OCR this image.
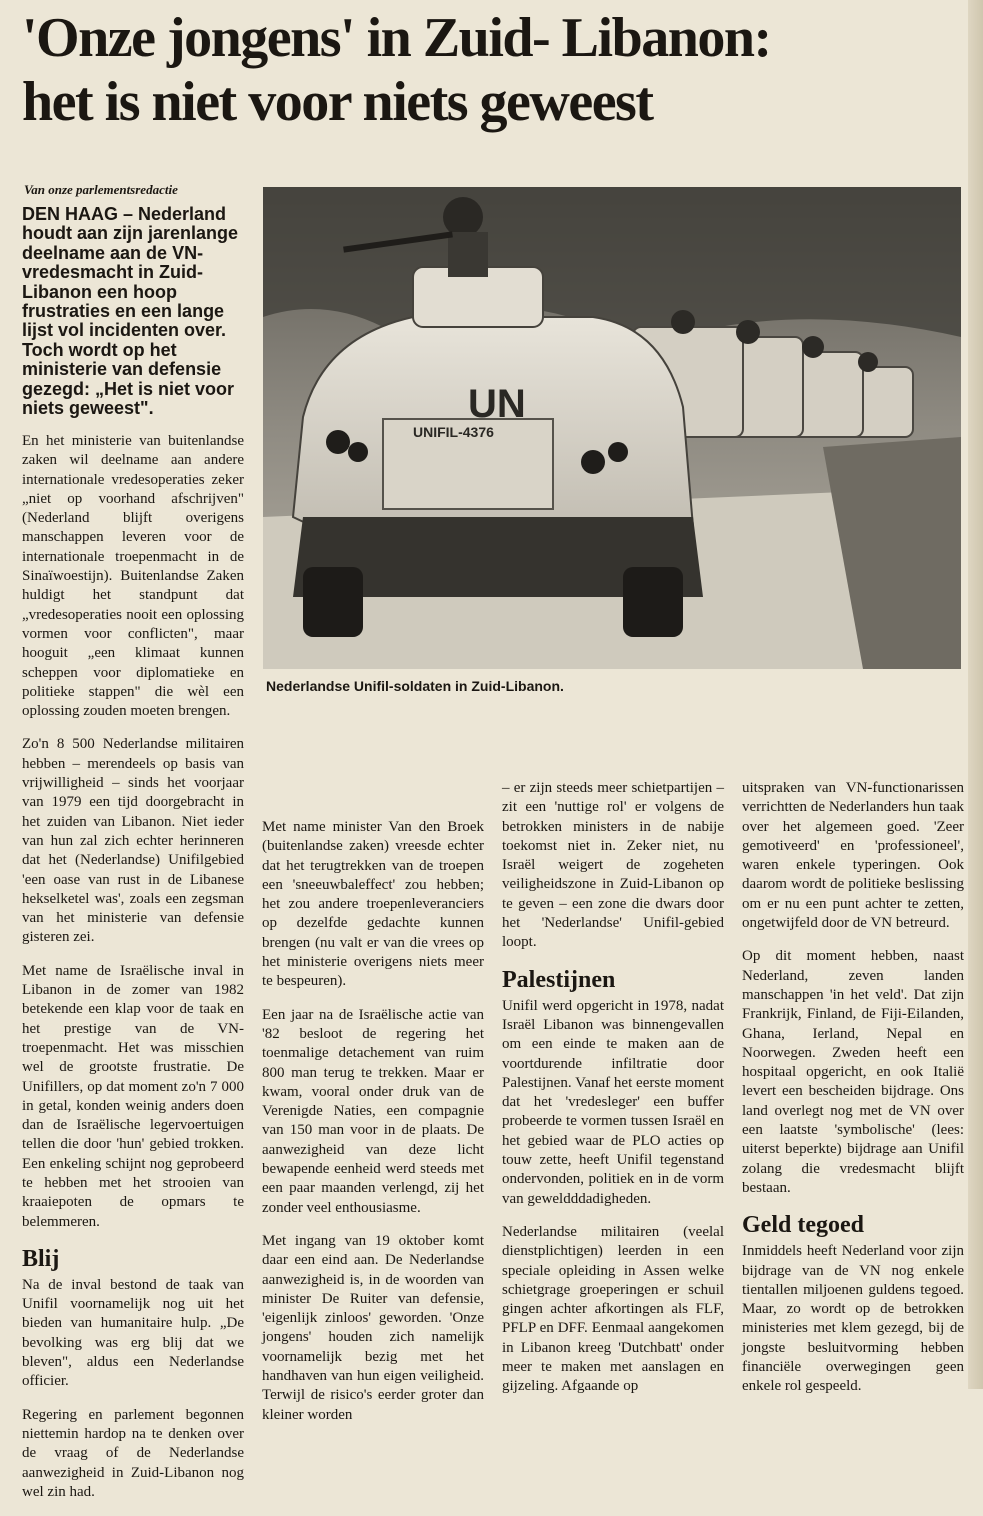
'Onze jongens' in Zuid- Libanon:
het is niet voor niets geweest
Van onze parlementsredactie

DEN HAAG – Nederland houdt aan zijn jarenlange deelname aan de VN-vredesmacht in Zuid-Libanon een hoop frustraties en een lange lijst vol incidenten over. Toch wordt op het ministerie van defensie gezegd: „Het is niet voor niets geweest".	UN
UNIFIL-4376
Nederlandse Unifil-soldaten in Zuid-Libanon.

En het ministerie van buitenlandse zaken wil deelname aan andere internationale vredesoperaties zeker „niet op voorhand afschrijven" (Nederland blijft overigens manschappen leveren voor de internationale troepenmacht in de Sinaïwoestijn). Buitenlandse Zaken huldigt het standpunt dat „vredesoperaties nooit een oplossing vormen voor conflicten", maar hooguit „een klimaat kunnen scheppen voor diplomatieke en politieke stappen" die wèl een oplossing zouden moeten brengen.

Zo'n 8 500 Nederlandse militairen hebben – merendeels op basis van vrijwilligheid – sinds het voorjaar van 1979 een tijd doorgebracht in het zuiden van Libanon. Niet ieder van hun zal zich echter herinneren dat het (Nederlandse) Unifilgebied 'een oase van rust in de Libanese hekselketel was', zoals een zegsman van het ministerie van defensie gisteren zei.

Met name de Israëlische inval in Libanon in de zomer van 1982 betekende een klap voor de taak en het prestige van de VN-troepenmacht. Het was misschien wel de grootste frustratie. De Unifillers, op dat moment zo'n 7 000 in getal, konden weinig anders doen dan de Israëlische legervoertuigen tellen die door 'hun' gebied trokken. Een enkeling schijnt nog geprobeerd te hebben met het strooien van kraaiepoten de opmars te belemmeren.

Blij

Na de inval bestond de taak van Unifil voornamelijk nog uit het bieden van humanitaire hulp. „De bevolking was erg blij dat we bleven", aldus een Nederlandse officier.

Regering en parlement begonnen niettemin hardop na te denken over de vraag of de Nederlandse aanwezigheid in Zuid-Libanon nog wel zin had.

Met name minister Van den Broek (buitenlandse zaken) vreesde echter dat het terugtrekken van de troepen een 'sneeuwbaleffect' zou hebben; het zou andere troepenleveranciers op dezelfde gedachte kunnen brengen (nu valt er van die vrees op het ministerie overigens niets meer te bespeuren).

Een jaar na de Israëlische actie van '82 besloot de regering het toenmalige detachement van ruim 800 man terug te trekken. Maar er kwam, vooral onder druk van de Verenigde Naties, een compagnie van 150 man voor in de plaats. De aanwezigheid van deze licht bewapende eenheid werd steeds met een paar maanden verlengd, zij het zonder veel enthousiasme.

Met ingang van 19 oktober komt daar een eind aan. De Nederlandse aanwezigheid is, in de woorden van minister De Ruiter van defensie, 'eigenlijk zinloos' geworden. 'Onze jongens' houden zich namelijk voornamelijk bezig met het handhaven van hun eigen veiligheid. Terwijl de risico's eerder groter dan kleiner worden

– er zijn steeds meer schietpartijen – zit een 'nuttige rol' er volgens de betrokken ministers in de nabije toekomst niet in. Zeker niet, nu Israël weigert de zogeheten veiligheidszone in Zuid-Libanon op te geven – een zone die dwars door het 'Nederlandse' Unifil-gebied loopt.

Palestijnen

Unifil werd opgericht in 1978, nadat Israël Libanon was binnengevallen om een einde te maken aan de voortdurende infiltratie door Palestijnen. Vanaf het eerste moment dat het 'vredesleger' een buffer probeerde te vormen tussen Israël en het gebied waar de PLO acties op touw zette, heeft Unifil tegenstand ondervonden, politiek en in de vorm van geweldddadigheden.

Nederlandse militairen (veelal dienstplichtigen) leerden in een speciale opleiding in Assen welke schietgrage groeperingen er schuil gingen achter afkortingen als FLF, PFLP en DFF. Eenmaal aangekomen in Libanon kreeg 'Dutchbatt' onder meer te maken met aanslagen en gijzeling. Afgaande op

uitspraken van VN-functionarissen verrichtten de Nederlanders hun taak over het algemeen goed. 'Zeer gemotiveerd' en 'professioneel', waren enkele typeringen. Ook daarom wordt de politieke beslissing om er nu een punt achter te zetten, ongetwijfeld door de VN betreurd.

Op dit moment hebben, naast Nederland, zeven landen manschappen 'in het veld'. Dat zijn Frankrijk, Finland, de Fiji-Eilanden, Ghana, Ierland, Nepal en Noorwegen. Zweden heeft een hospitaal opgericht, en ook Italië levert een bescheiden bijdrage. Ons land overlegt nog met de VN over een laatste 'symbolische' (lees: uiterst beperkte) bijdrage aan Unifil zolang die vredesmacht blijft bestaan.

Geld tegoed

Inmiddels heeft Nederland voor zijn bijdrage van de VN nog enkele tientallen miljoenen guldens tegoed. Maar, zo wordt op de betrokken ministeries met klem gezegd, bij de jongste besluitvorming hebben financiële overwegingen geen enkele rol gespeeld.
